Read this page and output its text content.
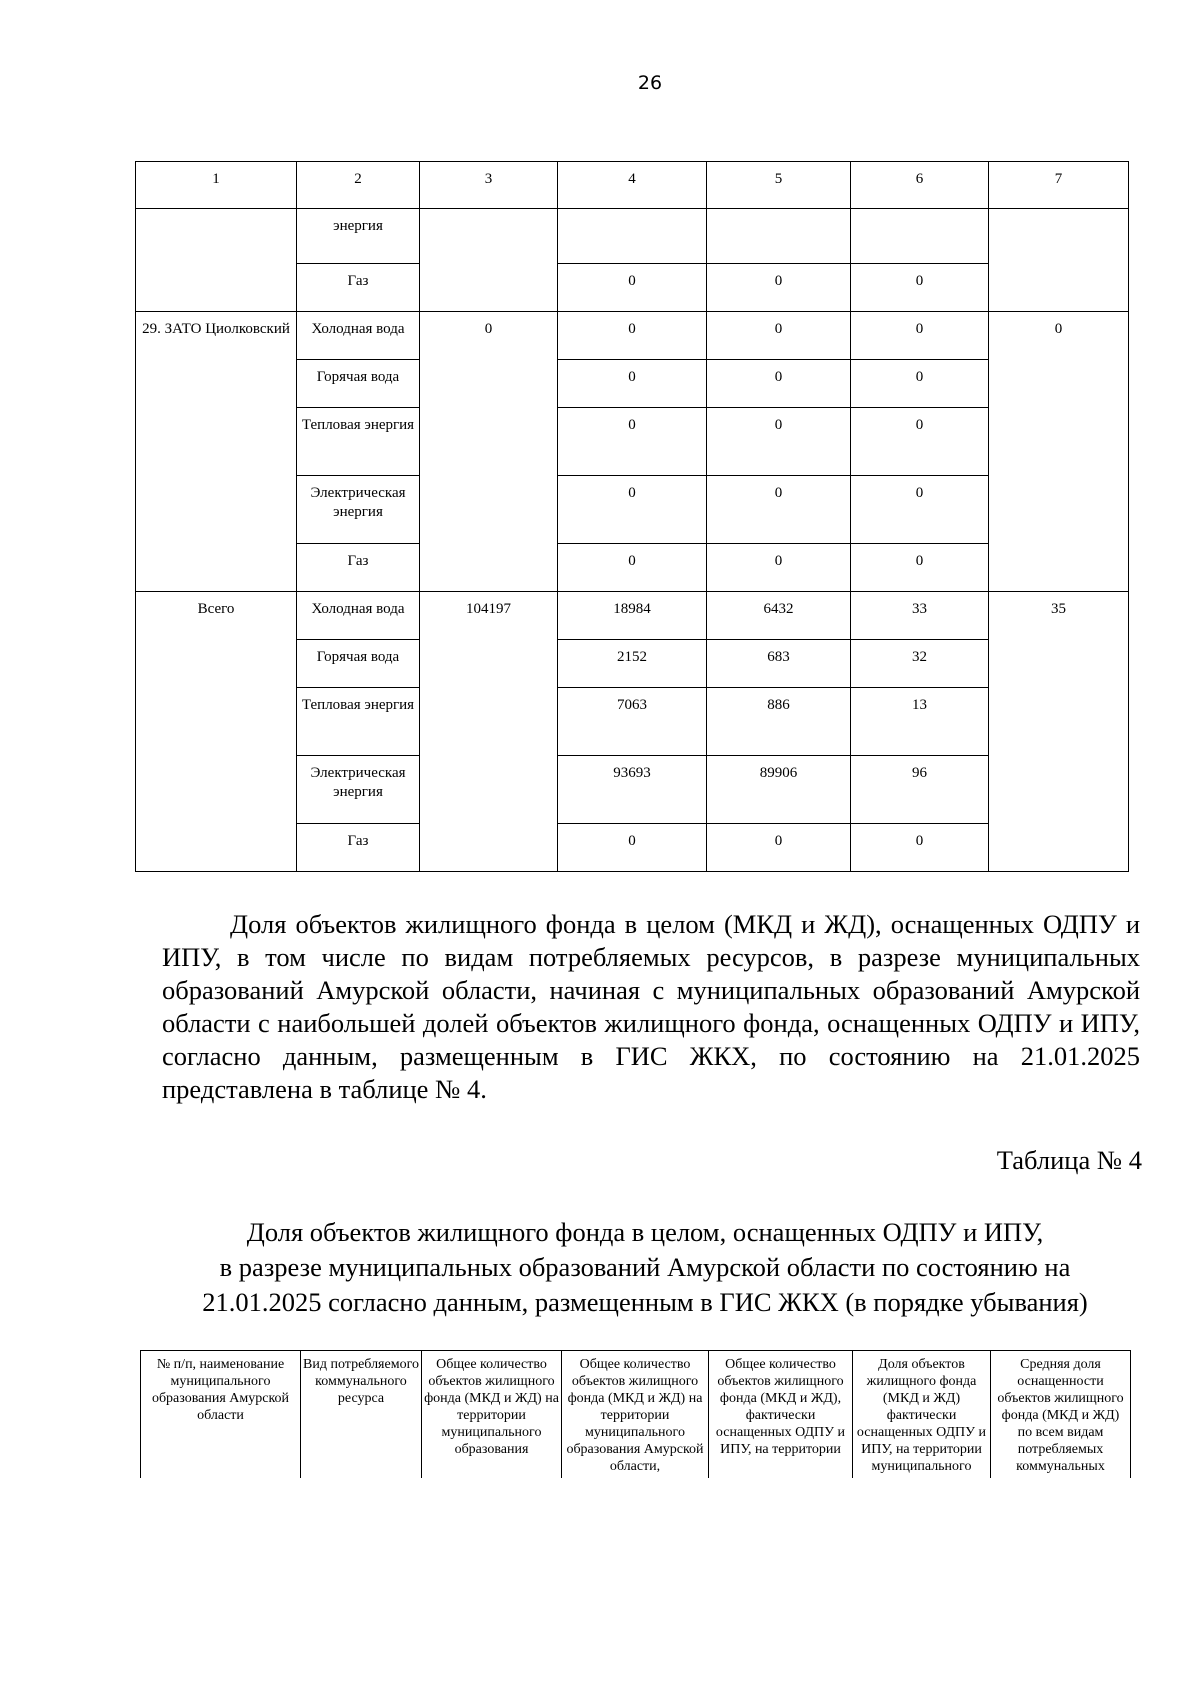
26
1	2	3	4	5	6	7
	энергия					
	Газ		0	0	0	
29. ЗАТО Циолковский	Холодная вода	0	0	0	0	0
	Горячая вода		0	0	0	
	Тепловая энергия		0	0	0	
	Электрическая энергия		0	0	0	
	Газ		0	0	0	
Всего	Холодная вода	104197	18984	6432	33	35
	Горячая вода		2152	683	32	
	Тепловая энергия		7063	886	13	
	Электрическая энергия		93693	89906	96	
	Газ		0	0	0	
Доля объектов жилищного фонда в целом (МКД и ЖД), оснащенных ОДПУ и ИПУ, в том числе по видам потребляемых ресурсов, в разрезе муниципальных образований Амурской области, начиная с муниципальных образований Амурской области с наибольшей долей объектов жилищного фонда, оснащенных ОДПУ и ИПУ, согласно данным, размещенным в ГИС ЖКХ, по состоянию на 21.01.2025 представлена в таблице № 4.
Таблица № 4
Доля объектов жилищного фонда в целом, оснащенных ОДПУ и ИПУ,
в разрезе муниципальных образований Амурской области по состоянию на
21.01.2025 согласно данным, размещенным в ГИС ЖКХ (в порядке убывания)
№ п/п, наименование муниципального образования Амурской области	Вид потребляемого коммунального ресурса	Общее количество объектов жилищного фонда (МКД и ЖД) на территории муниципального образования	Общее количество объектов жилищного фонда (МКД и ЖД) на территории муниципального образования Амурской области,	Общее количество объектов жилищного фонда (МКД и ЖД), фактически оснащенных ОДПУ и ИПУ, на территории	Доля объектов жилищного фонда (МКД и ЖД) фактически оснащенных ОДПУ и ИПУ, на территории муниципального	Средняя доля оснащенности объектов жилищного фонда (МКД и ЖД) по всем видам потребляемых коммунальных
